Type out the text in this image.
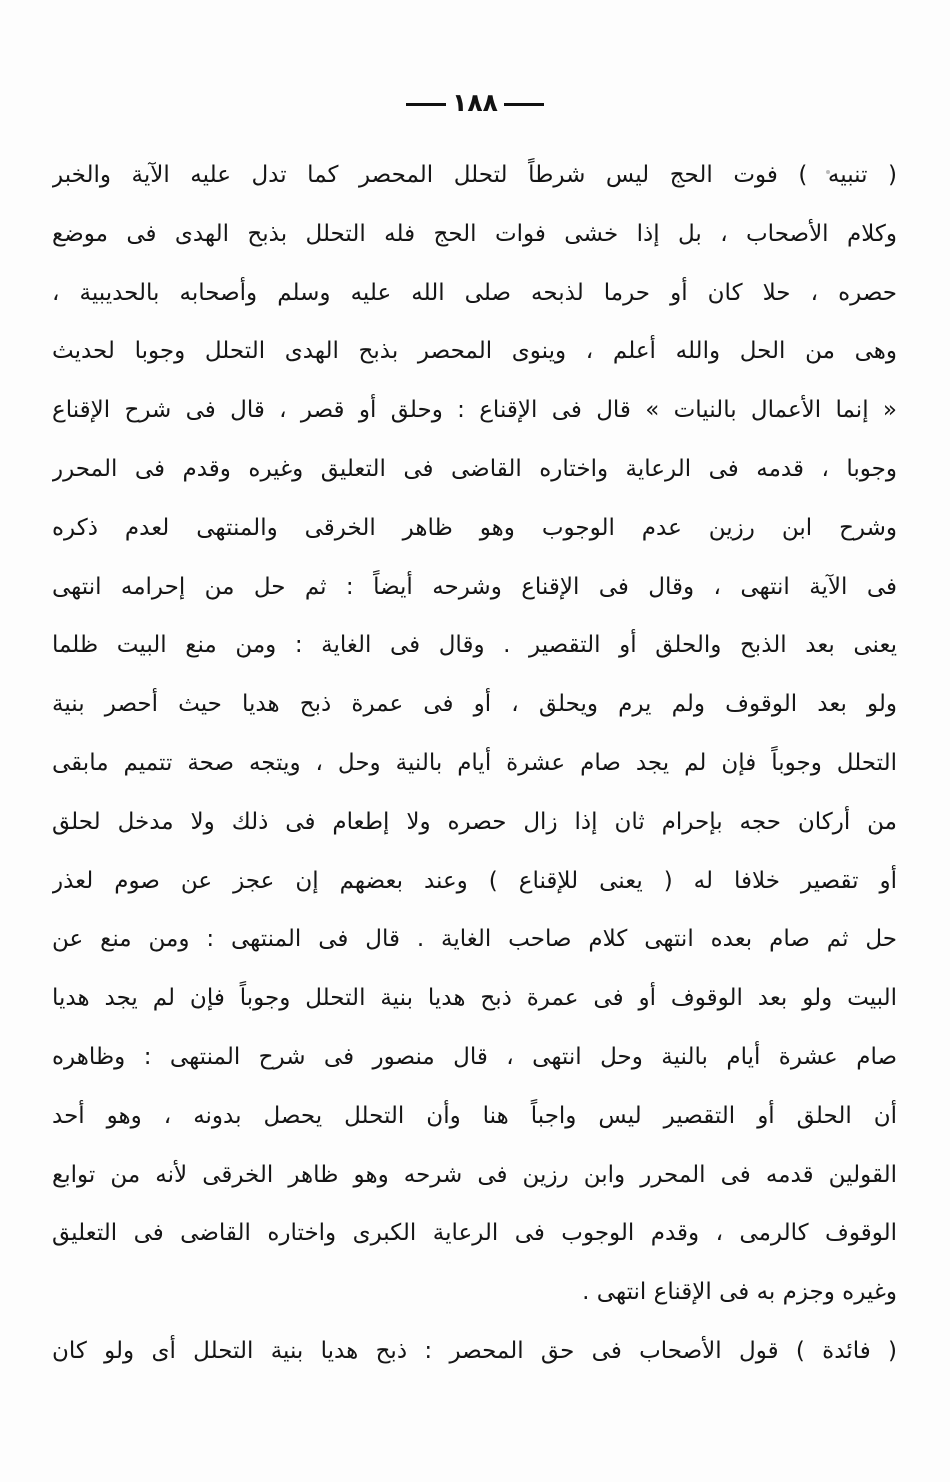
١٨٨
( تنبيه ) فوت الحج ليس شرطاً لتحلل المحصر كما تدل عليه الآية والخبر
وكلام الأصحاب ، بل إذا خشى فوات الحج فله التحلل بذبح الهدى فى موضع
حصره ، حلا كان أو حرما لذبحه صلى الله عليه وسلم وأصحابه بالحديبية ،
وهى من الحل والله أعلم ، وينوى المحصر بذبح الهدى التحلل وجوبا لحديث
« إنما الأعمال بالنيات » قال فى الإقناع : وحلق أو قصر ، قال فى شرح الإقناع
وجوبا ، قدمه فى الرعاية واختاره القاضى فى التعليق وغيره وقدم فى المحرر
وشرح ابن رزين عدم الوجوب وهو ظاهر الخرقى والمنتهى لعدم ذكره
فى الآية انتهى ، وقال فى الإقناع وشرحه أيضاً : ثم حل من إحرامه انتهى
يعنى بعد الذبح والحلق أو التقصير . وقال فى الغاية : ومن منع البيت ظلما
ولو بعد الوقوف ولم يرم ويحلق ، أو فى عمرة ذبح هديا حيث أحصر بنية
التحلل وجوباً فإن لم يجد صام عشرة أيام بالنية وحل ، ويتجه صحة تتميم مابقى
من أركان حجه بإحرام ثان إذا زال حصره ولا إطعام فى ذلك ولا مدخل لحلق
أو تقصير خلافا له ( يعنى للإقناع ) وعند بعضهم إن عجز عن صوم لعذر
حل ثم صام بعده انتهى كلام صاحب الغاية . قال فى المنتهى : ومن منع عن
البيت ولو بعد الوقوف أو فى عمرة ذبح هديا بنية التحلل وجوباً فإن لم يجد هديا
صام عشرة أيام بالنية وحل انتهى ، قال منصور فى شرح المنتهى : وظاهره
أن الحلق أو التقصير ليس واجباً هنا وأن التحلل يحصل بدونه ، وهو أحد
القولين قدمه فى المحرر وابن رزين فى شرحه وهو ظاهر الخرقى لأنه من توابع
الوقوف كالرمى ، وقدم الوجوب فى الرعاية الكبرى واختاره القاضى فى التعليق
وغيره وجزم به فى الإقناع انتهى .
( فائدة ) قول الأصحاب فى حق المحصر : ذبح هديا بنية التحلل أى ولو كان
